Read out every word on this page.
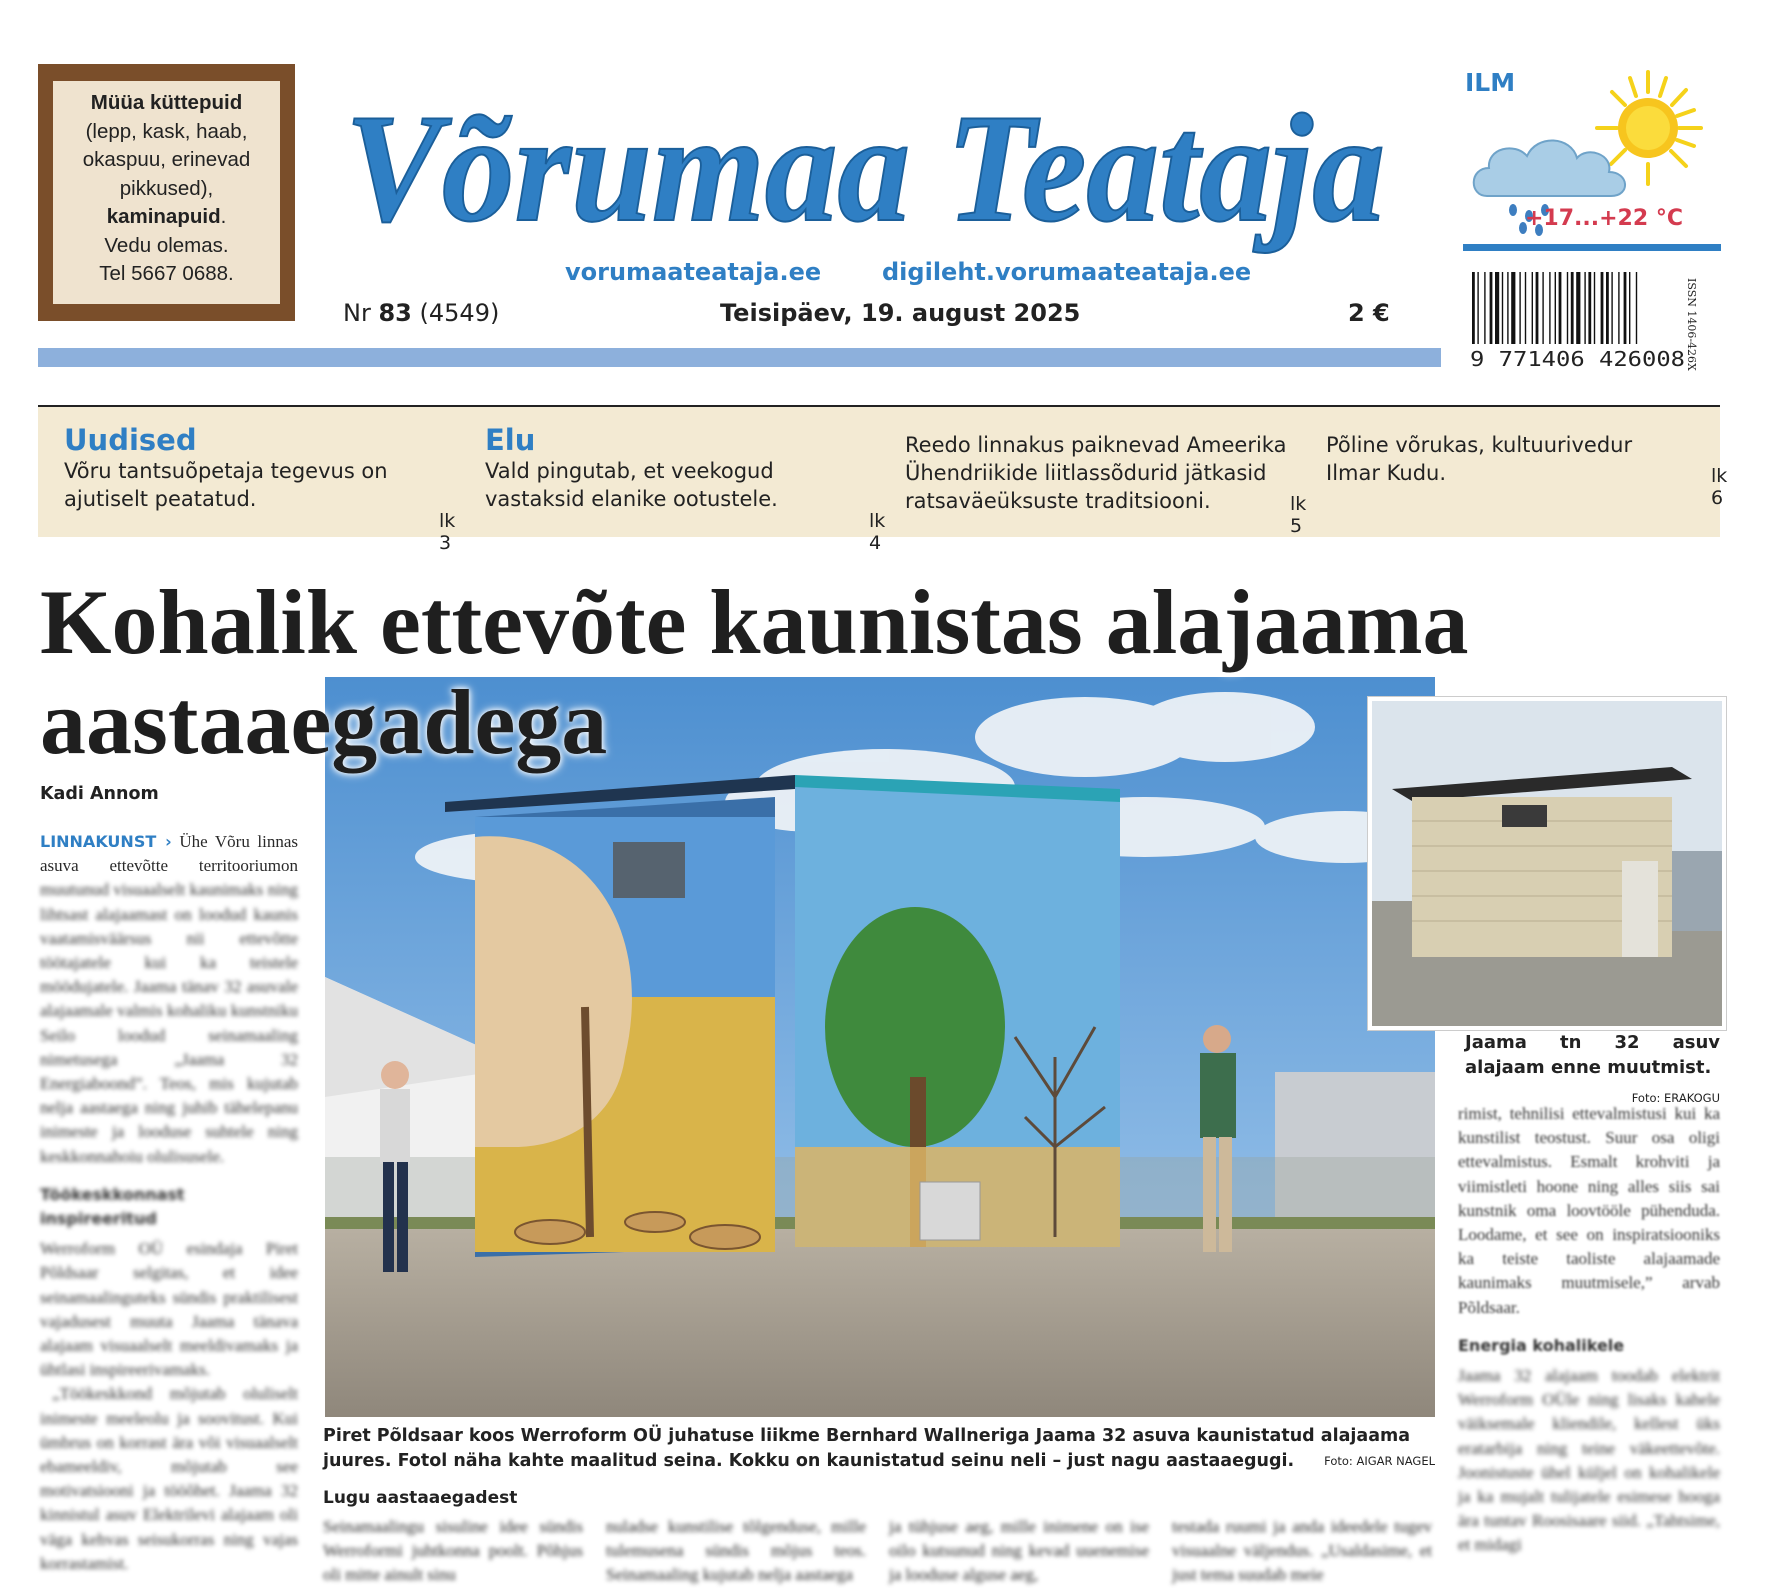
Müüa küttepuid
(lepp, kask, haab, okaspuu, erinevad pikkused),
kaminapuid.
Vedu olemas.
Tel 5667 0688.
Võrumaa Teataja
vorumaateataja.ee	digileht.vorumaateataja.ee
Nr 83 (4549)	Teisipäev, 19. august 2025	2 €
ILM
+17...+22 °C
9 771406 426008 ISSN 1406-426X
Uudised
Võru tantsuõpetaja tegevus on ajutiselt peatatud.
lk 3
Elu
Vald pingutab, et veekogud vastaksid elanike ootustele.
lk 4
Reedo linnakus paiknevad Ameerika Ühendriikide liitlassõdurid jätkasid ratsaväeüksuste traditsiooni.	lk 5
Põline võrukas, kultuurivedur Ilmar Kudu.	lk 6
Jaama tn 32 asuv alajaam enne muutmist.
Foto: ERAKOGU
Kohalik ettevõte kaunistas alajaama
aastaaegadega
Kadi Annom
LINNAKUNST › Ühe Võru linnas asuva ettevõtte territooriumon muutunud visuaalselt kaunimaks ning lihtsast alajaamast on loodud kaunis vaatamisväärsus nii ettevõtte töötajatele kui ka teistele möödujatele. Jaama tänav 32 asuvale alajaamale valmis kohaliku kunstniku Seilo loodud seinamaaling nimetusega „Jaama 32 Energiaboond”. Teos, mis kujutab nelja aastaega ning juhib tähelepanu inimeste ja looduse suhtele ning keskkonnahoiu olulisusele.
Töökeskkonnast inspireeritud
Werroform OÜ esindaja Piret Põldsaar selgitas, et idee seinamaalinguteks sündis praktilisest vajadusest muuta Jaama tänava alajaam visuaalselt meeldivamaks ja ühtlasi inspireerivamaks.
„Töökeskkond mõjutab oluliselt inimeste meeleolu ja soovitust. Kui ümbrus on korrast ära või visuaalselt ebameeldiv, mõjutab see motivatsiooni ja tööõhet. Jaama 32 kinnistul asuv Elektrilevi alajaam oli väga kehvas seisukorras ning vajas korrastamist.
Piret Põldsaar koos Werroform OÜ juhatuse liikme Bernhard Wallneriga Jaama 32 asuva kaunistatud alajaama juures. Fotol näha kahte maalitud seina. Kokku on kaunistatud seinu neli – just nagu aastaaegugi.	Foto: AIGAR NAGEL
rimist, tehnilisi ettevalmistusi kui ka kunstilist teostust. Suur osa oligi ettevalmistus. Esmalt krohviti ja viimistleti hoone ning alles siis sai kunstnik oma loovtööle pühenduda. Loodame, et see on inspiratsiooniks ka teiste taoliste alajaamade kaunimaks muutmisele,” arvab Põldsaar.
Energia kohalikele
Jaama 32 alajaam toodab elektrit Werroform OÜle ning lisaks kahele väiksemale kliendile, kellest üks eratarbija ning teine väkeettevõte. Joonistuste ühel küljel on kohalikele ja ka mujalt tulijatele esimese hooga ära tuntav Roosisaare siid. „Tahtsime, et midagi
Lugu aastaaegadest
Seinamaalingu sisuline idee sündis Werroformi juhtkonna poolt. Põhjus oli mitte ainult sinu
nuladse kunstilise tõlgenduse, mille tulemusena sündis mõjus teos. Seinamaaling kujutab nelja aastaega
ja tühjuse aeg, mille inimene on ise oilo kutsunud ning kevad uuenemise ja looduse alguse aeg,
testada ruumi ja anda ideedele tugev visuaalne väljendus. „Usaldasime, et just tema suudab meie
